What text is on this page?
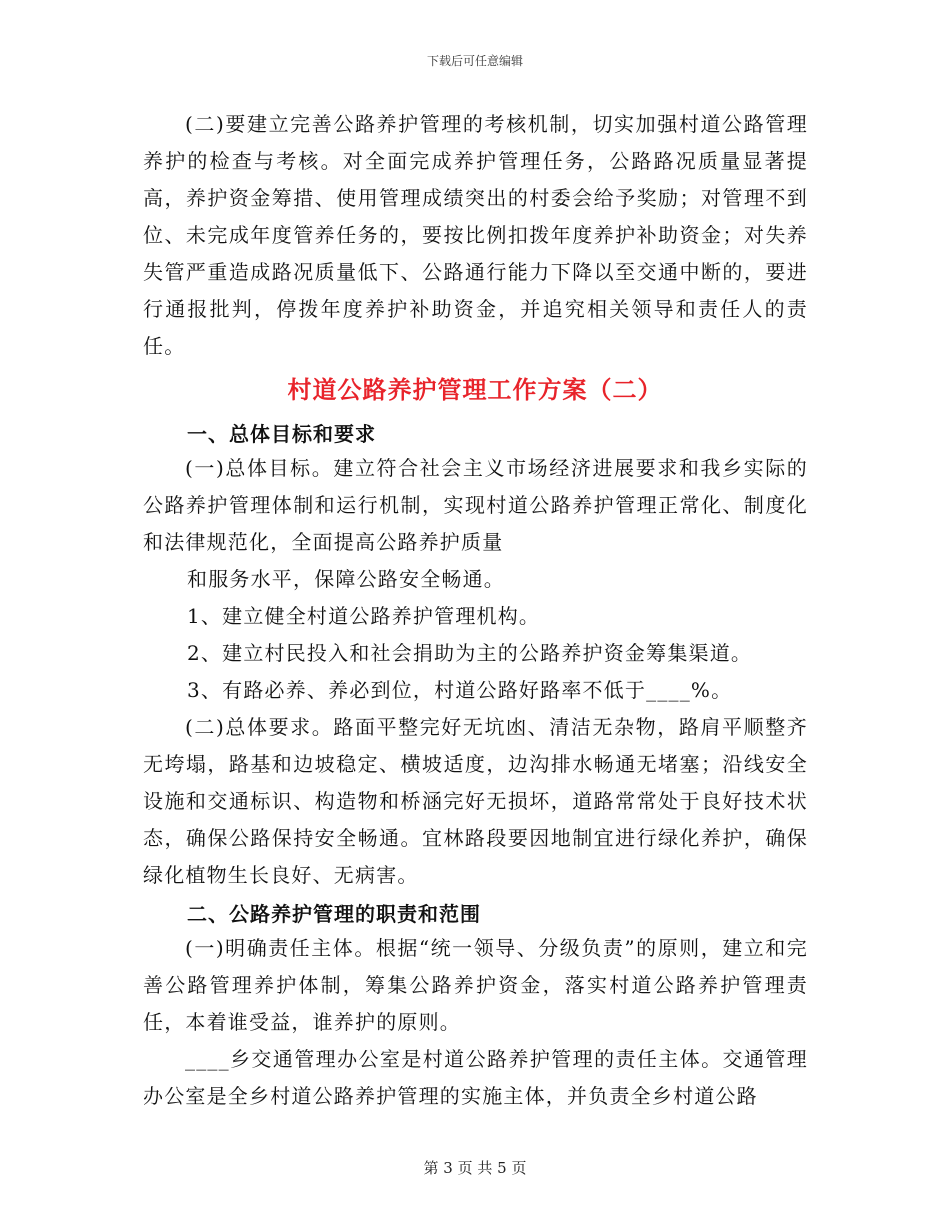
下载后可任意编辑

(二)要建立完善公路养护管理的考核机制，切实加强村道公路管理养护的检查与考核。对全面完成养护管理任务，公路路况质量显著提高，养护资金筹措、使用管理成绩突出的村委会给予奖励；对管理不到位、未完成年度管养任务的，要按比例扣拨年度养护补助资金；对失养失管严重造成路况质量低下、公路通行能力下降以至交通中断的，要进行通报批判，停拨年度养护补助资金，并追究相关领导和责任人的责任。

村道公路养护管理工作方案（二）
一、总体目标和要求

(一)总体目标。建立符合社会主义市场经济进展要求和我乡实际的公路养护管理体制和运行机制，实现村道公路养护管理正常化、制度化和法律规范化，全面提高公路养护质量

和服务水平，保障公路安全畅通。

1、建立健全村道公路养护管理机构。

2、建立村民投入和社会捐助为主的公路养护资金筹集渠道。

3、有路必养、养必到位，村道公路好路率不低于____%。

(二)总体要求。路面平整完好无坑凼、清洁无杂物，路肩平顺整齐无垮塌，路基和边坡稳定、横坡适度，边沟排水畅通无堵塞；沿线安全设施和交通标识、构造物和桥涵完好无损坏，道路常常处于良好技术状态，确保公路保持安全畅通。宜林路段要因地制宜进行绿化养护，确保绿化植物生长良好、无病害。

二、公路养护管理的职责和范围

(一)明确责任主体。根据“统一领导、分级负责”的原则，建立和完善公路管理养护体制，筹集公路养护资金，落实村道公路养护管理责任，本着谁受益，谁养护的原则。

____乡交通管理办公室是村道公路养护管理的责任主体。交通管理办公室是全乡村道公路养护管理的实施主体，并负责全乡村道公路

第 3 页 共 5 页
